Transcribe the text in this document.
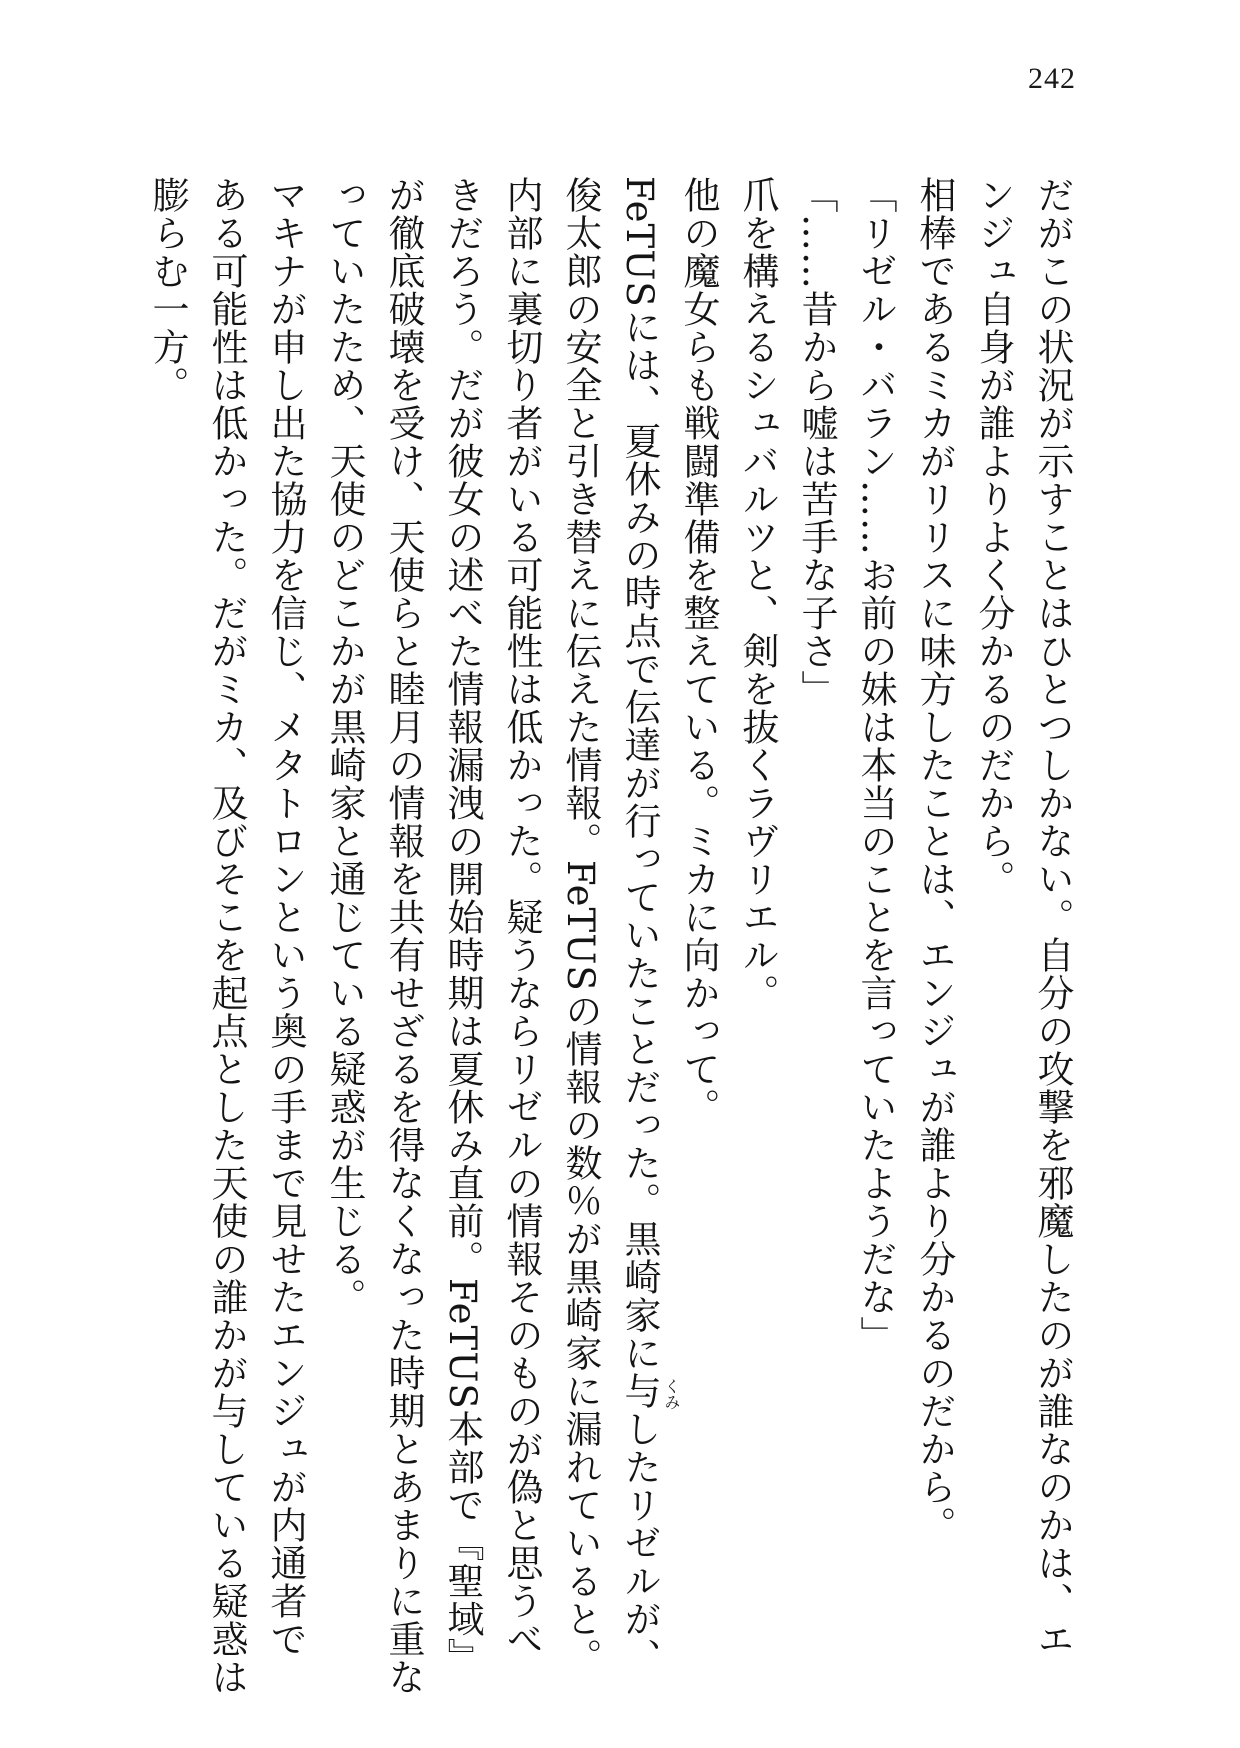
242
だがこの状況が示すことはひとつしかない。自分の攻撃を邪魔したのが誰なのかは、エ
ンジュ自身が誰よりよく分かるのだから。
相棒であるミカがリリスに味方したことは、エンジュが誰より分かるのだから。
「リゼル・バラン……お前の妹は本当のことを言っていたようだな」
「……昔から嘘は苦手な子さ」
爪を構えるシュバルツと、剣を抜くラヴリエル。
他の魔女らも戦闘準備を整えている。ミカに向かって。
FeTUSには、夏休みの時点で伝達が行っていたことだった。黒崎家に与 くみ
したリゼルが、
俊太郎の安全と引き替えに伝えた情報。FeTUSの情報の数％が黒崎家に漏れていると。
内部に裏切り者がいる可能性は低かった。疑うならリゼルの情報そのものが偽と思うべ
きだろう。だが彼女の述べた情報漏洩の開始時期は夏休み直前。FeTUS本部で『聖域』
が徹底破壊を受け、天使らと睦月の情報を共有せざるを得なくなった時期とあまりに重な
っていたため、天使のどこかが黒崎家と通じている疑惑が生じる。
マキナが申し出た協力を信じ、メタトロンという奥の手まで見せたエンジュが内通者で
ある可能性は低かった。だがミカ、及びそこを起点とした天使の誰かが与している疑惑は
膨らむ一方。
